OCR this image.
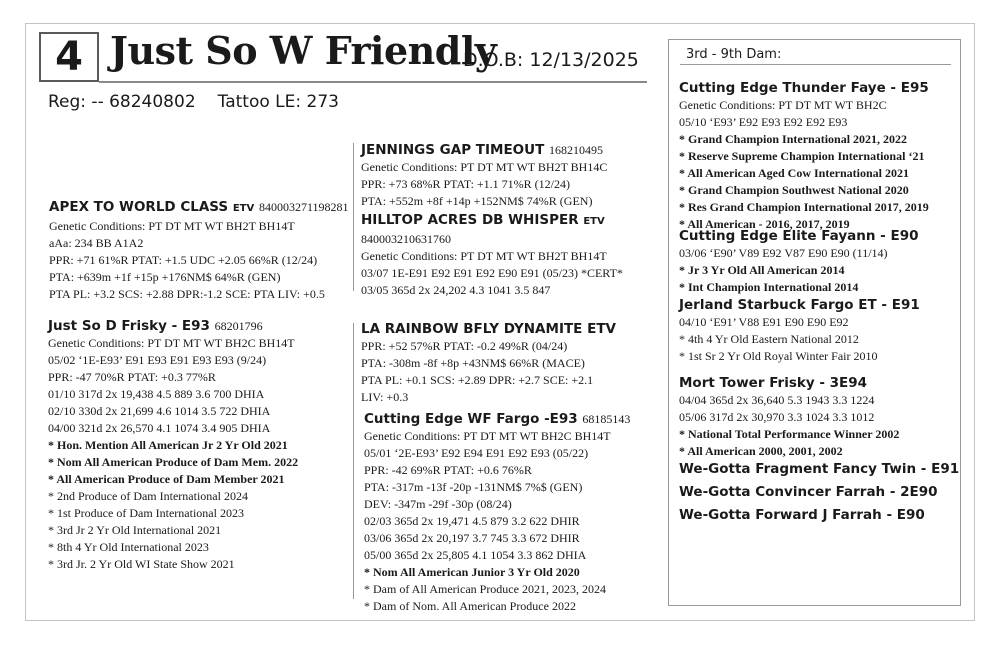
4 Just So W Friendly
D.O.B: 12/13/2025
Reg: -- 68240802 Tattoo LE: 273
APEX TO WORLD CLASS ETV 840003271198281
Genetic Conditions: PT DT MT WT BH2T BH14T
aAa: 234 BB A1A2
PPR: +71 61%R PTAT: +1.5 UDC +2.05 66%R (12/24)
PTA: +639m +1f +15p +176NM$ 64%R (GEN)
PTA PL: +3.2 SCS: +2.88 DPR:-1.2 SCE: PTA LIV: +0.5
JENNINGS GAP TIMEOUT 168210495
Genetic Conditions: PT DT MT WT BH2T BH14C
PPR: +73 68%R PTAT: +1.1 71%R (12/24)
PTA: +552m +8f +14p +152NM$ 74%R (GEN)
HILLTOP ACRES DB WHISPER ETV
840003210631760
Genetic Conditions: PT DT MT WT BH2T BH14T
03/07 1E-E91 E92 E91 E92 E90 E91 (05/23) *CERT*
03/05 365d 2x 24,202 4.3 1041 3.5 847
Just So D Frisky - E93 68201796
Genetic Conditions: PT DT MT WT BH2C BH14T
05/02 ‘1E-E93’ E91 E93 E91 E93 E93 (9/24)
PPR: -47 70%R PTAT: +0.3 77%R
01/10 317d 2x 19,438 4.5 889 3.6 700 DHIA
02/10 330d 2x 21,699 4.6 1014 3.5 722 DHIA
04/00 321d 2x 26,570 4.1 1074 3.4 905 DHIA
* Hon. Mention All American Jr 2 Yr Old 2021
* Nom All American Produce of Dam Mem. 2022
* All American Produce of Dam Member 2021
* 2nd Produce of Dam International 2024
* 1st Produce of Dam International 2023
* 3rd Jr 2 Yr Old International 2021
* 8th 4 Yr Old International 2023
* 3rd Jr. 2 Yr Old WI State Show 2021
LA RAINBOW BFLY DYNAMITE ETV
PPR: +52 57%R PTAT: -0.2 49%R (04/24)
PTA: -308m -8f +8p +43NM$ 66%R (MACE)
PTA PL: +0.1 SCS: +2.89 DPR: +2.7 SCE: +2.1
LIV: +0.3
Cutting Edge WF Fargo -E93 68185143
Genetic Conditions: PT DT MT WT BH2C BH14T
05/01 ‘2E-E93’ E92 E94 E91 E92 E93 (05/22)
PPR: -42 69%R PTAT: +0.6 76%R
PTA: -317m -13f -20p -131NM$ 7%$ (GEN)
DEV: -347m -29f -30p (08/24)
02/03 365d 2x 19,471 4.5 879 3.2 622 DHIR
03/06 365d 2x 20,197 3.7 745 3.3 672 DHIR
05/00 365d 2x 25,805 4.1 1054 3.3 862 DHIA
* Nom All American Junior 3 Yr Old 2020
* Dam of All American Produce 2021, 2023, 2024
* Dam of Nom. All American Produce 2022
3rd - 9th Dam:
Cutting Edge Thunder Faye - E95
Genetic Conditions: PT DT MT WT BH2C
05/10 ‘E93’ E92 E93 E92 E92 E93
* Grand Champion International 2021, 2022
* Reserve Supreme Champion International ‘21
* All American Aged Cow International 2021
* Grand Champion Southwest National 2020
* Res Grand Champion International 2017, 2019
* All American - 2016, 2017, 2019
Cutting Edge Elite Fayann - E90
03/06 ‘E90’ V89 E92 V87 E90 E90 (11/14)
* Jr 3 Yr Old All American 2014
* Int Champion International 2014
Jerland Starbuck Fargo ET - E91
04/10 ‘E91’ V88 E91 E90 E90 E92
* 4th 4 Yr Old Eastern National 2012
* 1st Sr 2 Yr Old Royal Winter Fair 2010
Mort Tower Frisky - 3E94
04/04 365d 2x 36,640 5.3 1943 3.3 1224
05/06 317d 2x 30,970 3.3 1024 3.3 1012
* National Total Performance Winner 2002
* All American 2000, 2001, 2002
We-Gotta Fragment Fancy Twin - E91
We-Gotta Convincer Farrah - 2E90
We-Gotta Forward J Farrah - E90
